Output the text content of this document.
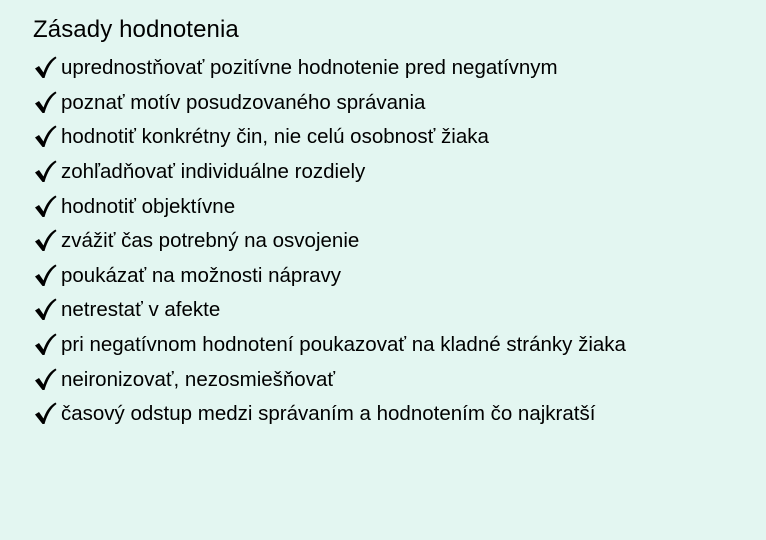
Zásady hodnotenia
uprednostňovať pozitívne hodnotenie pred negatívnym
poznať motív posudzovaného správania
hodnotiť konkrétny čin, nie celú osobnosť žiaka
zohľadňovať individuálne rozdiely
hodnotiť objektívne
zvážiť čas potrebný na osvojenie
poukázať na možnosti nápravy
netrestať v afekte
pri negatívnom hodnotení poukazovať na kladné stránky žiaka
neironizovať, nezosmiešňovať
časový odstup medzi správaním a hodnotením čo najkratší
